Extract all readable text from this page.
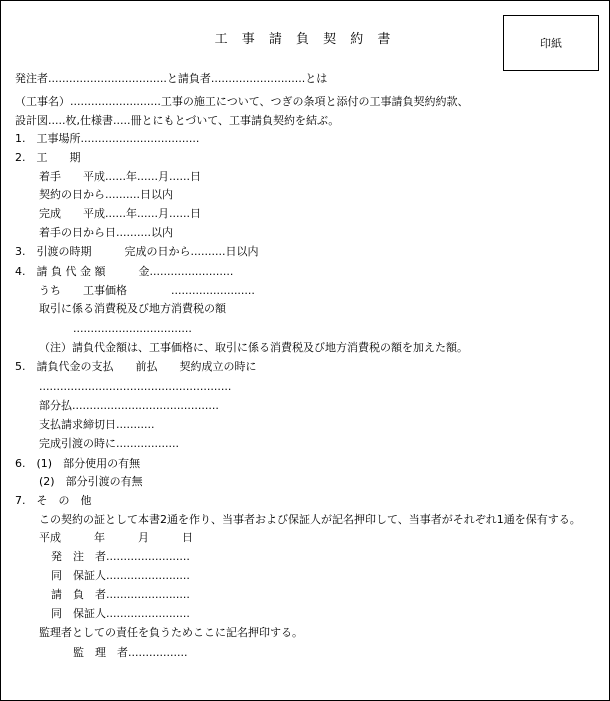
工 事 請 負 契 約 書	印紙
発注者..................................と請負者...........................とは
（工事名）..........................工事の施工について、つぎの条項と添付の工事請負契約約款、
設計図.....枚,仕様書.....冊とにもとづいて、工事請負契約を結ぶ。
1.　工事場所..................................
2.　工　　期
着手　　平成......年......月......日
契約の日から..........日以内
完成　　平成......年......月......日
着手の日から日..........以内
3.　引渡の時期　　　完成の日から..........日以内
4.　請 負 代 金 額　　　金........................
うち　　工事価格　　　　........................
取引に係る消費税及び地方消費税の額
..................................
（注）請負代金額は、工事価格に、取引に係る消費税及び地方消費税の額を加えた額。
5.　請負代金の支払　　前払　　契約成立の時に
.......................................................
部分払..........................................
支払請求締切日...........
完成引渡の時に..................
6.　(1)　部分使用の有無
(2)　部分引渡の有無
7.　そ　の　他
この契約の証として本書2通を作り、当事者および保証人が記名押印して、当事者がそれぞれ1通を保有する。
平成　　　年　　　月　　　日
発　注　者........................
同　保証人........................
請　負　者........................
同　保証人........................
監理者としての責任を負うためここに記名押印する。
監　理　者.................
